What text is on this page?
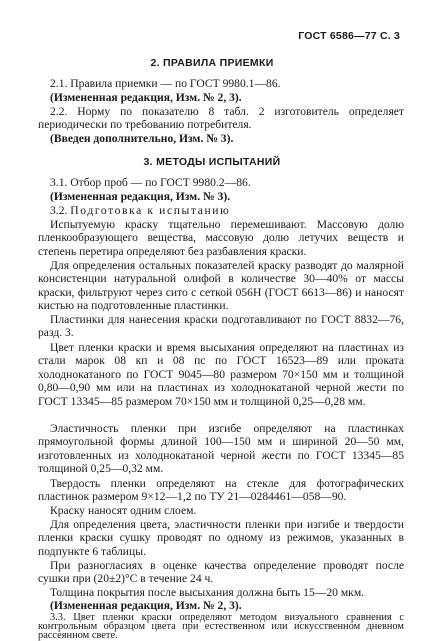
ГОСТ 6586—77 С. 3
2. ПРАВИЛА ПРИЕМКИ

2.1. Правила приемки — по ГОСТ 9980.1—86.

(Измененная редакция, Изм. № 2, 3).

2.2. Норму по показателю 8 табл. 2 изготовитель определяет периодически по требованию потребителя.

(Введен дополнительно, Изм. № 3).

3. МЕТОДЫ ИСПЫТАНИЙ

3.1. Отбор проб — по ГОСТ 9980.2—86.

(Измененная редакция, Изм. № 3).

3.2. Подготовка к испытанию

Испытуемую краску тщательно перемешивают. Массовую долю пленкообразующего вещества, массовую долю летучих веществ и степень перетира определяют без разбавления краски.

Для определения остальных показателей краску разводят до малярной консистенции натуральной олифой в количестве 30—40% от массы краски, фильтруют через сито с сеткой 056Н (ГОСТ 6613—86) и наносят кистью на подготовленные пластинки.

Пластинки для нанесения краски подготавливают по ГОСТ 8832—76, разд. 3.

Цвет пленки краски и время высыхания определяют на пластинах из стали марок 08 кп и 08 пс по ГОСТ 16523—89 или проката холоднокатаного по ГОСТ 9045—80 размером 70×150 мм и толщиной 0,80—0,90 мм или на пластинах из холоднокатаной черной жести по ГОСТ 13345—85 размером 70×150 мм и толщиной 0,25—0,28 мм.

Эластичность пленки при изгибе определяют на пластинках прямоугольной формы длиной 100—150 мм и шириной 20—50 мм, изготовленных из холоднокатаной черной жести по ГОСТ 13345—85 толщиной 0,25—0,32 мм.

Твердость пленки определяют на стекле для фотографических пластинок размером 9×12—1,2 по ТУ 21—0284461—058—90.

Краску наносят одним слоем.

Для определения цвета, эластичности пленки при изгибе и твердости пленки краски сушку проводят по одному из режимов, указанных в подпункте 6 таблицы.

При разногласиях в оценке качества определение проводят после сушки при (20±2)°С в течение 24 ч.

Толщина покрытия после высыхания должна быть 15—20 мкм.

(Измененная редакция, Изм. № 2, 3).

3.3. Цвет пленки краски определяют методом визуального сравнения с контрольным образцом цвета при естественном или искусственном дневном рассеянном свете.
